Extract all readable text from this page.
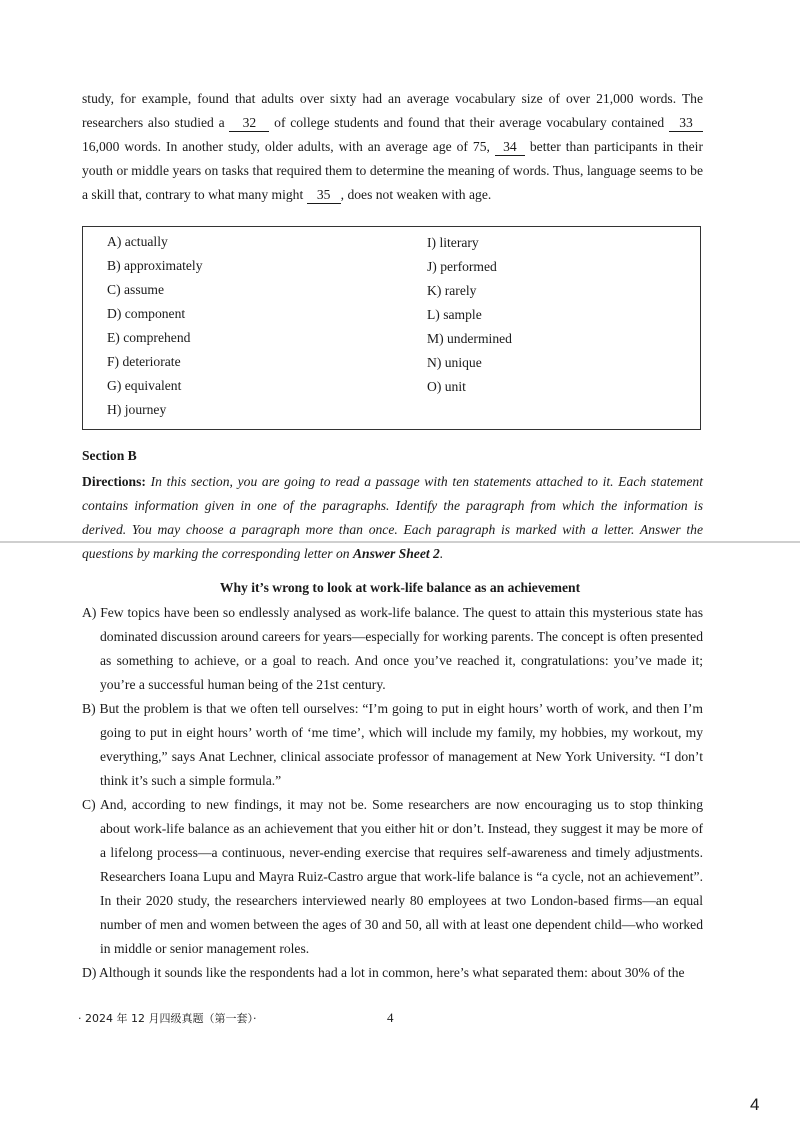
study, for example, found that adults over sixty had an average vocabulary size of over 21,000 words. The researchers also studied a 32 of college students and found that their average vocabulary contained 33 16,000 words. In another study, older adults, with an average age of 75, 34 better than participants in their youth or middle years on tasks that required them to determine the meaning of words. Thus, language seems to be a skill that, contrary to what many might 35 , does not weaken with age.
A) actually
B) approximately
C) assume
D) component
E) comprehend
F) deteriorate
G) equivalent
H) journey
I) literary
J) performed
K) rarely
L) sample
M) undermined
N) unique
O) unit
Section B
Directions: In this section, you are going to read a passage with ten statements attached to it. Each statement contains information given in one of the paragraphs. Identify the paragraph from which the information is derived. You may choose a paragraph more than once. Each paragraph is marked with a letter. Answer the questions by marking the corresponding letter on Answer Sheet 2.
Why it’s wrong to look at work-life balance as an achievement
A) Few topics have been so endlessly analysed as work-life balance. The quest to attain this mysterious state has dominated discussion around careers for years—especially for working parents. The concept is often presented as something to achieve, or a goal to reach. And once you’ve reached it, congratulations: you’ve made it; you’re a successful human being of the 21st century.
B) But the problem is that we often tell ourselves: “I’m going to put in eight hours’ worth of work, and then I’m going to put in eight hours’ worth of ‘me time’, which will include my family, my hobbies, my workout, my everything,” says Anat Lechner, clinical associate professor of management at New York University. “I don’t think it’s such a simple formula.”
C) And, according to new findings, it may not be. Some researchers are now encouraging us to stop thinking about work-life balance as an achievement that you either hit or don’t. Instead, they suggest it may be more of a lifelong process—a continuous, never-ending exercise that requires self-awareness and timely adjustments. Researchers Ioana Lupu and Mayra Ruiz-Castro argue that work-life balance is “a cycle, not an achievement”. In their 2020 study, the researchers interviewed nearly 80 employees at two London-based firms—an equal number of men and women between the ages of 30 and 50, all with at least one dependent child—who worked in middle or senior management roles.
D) Although it sounds like the respondents had a lot in common, here’s what separated them: about 30% of the
· 2024 年 12 月四级真题（第一套）·	4
4
